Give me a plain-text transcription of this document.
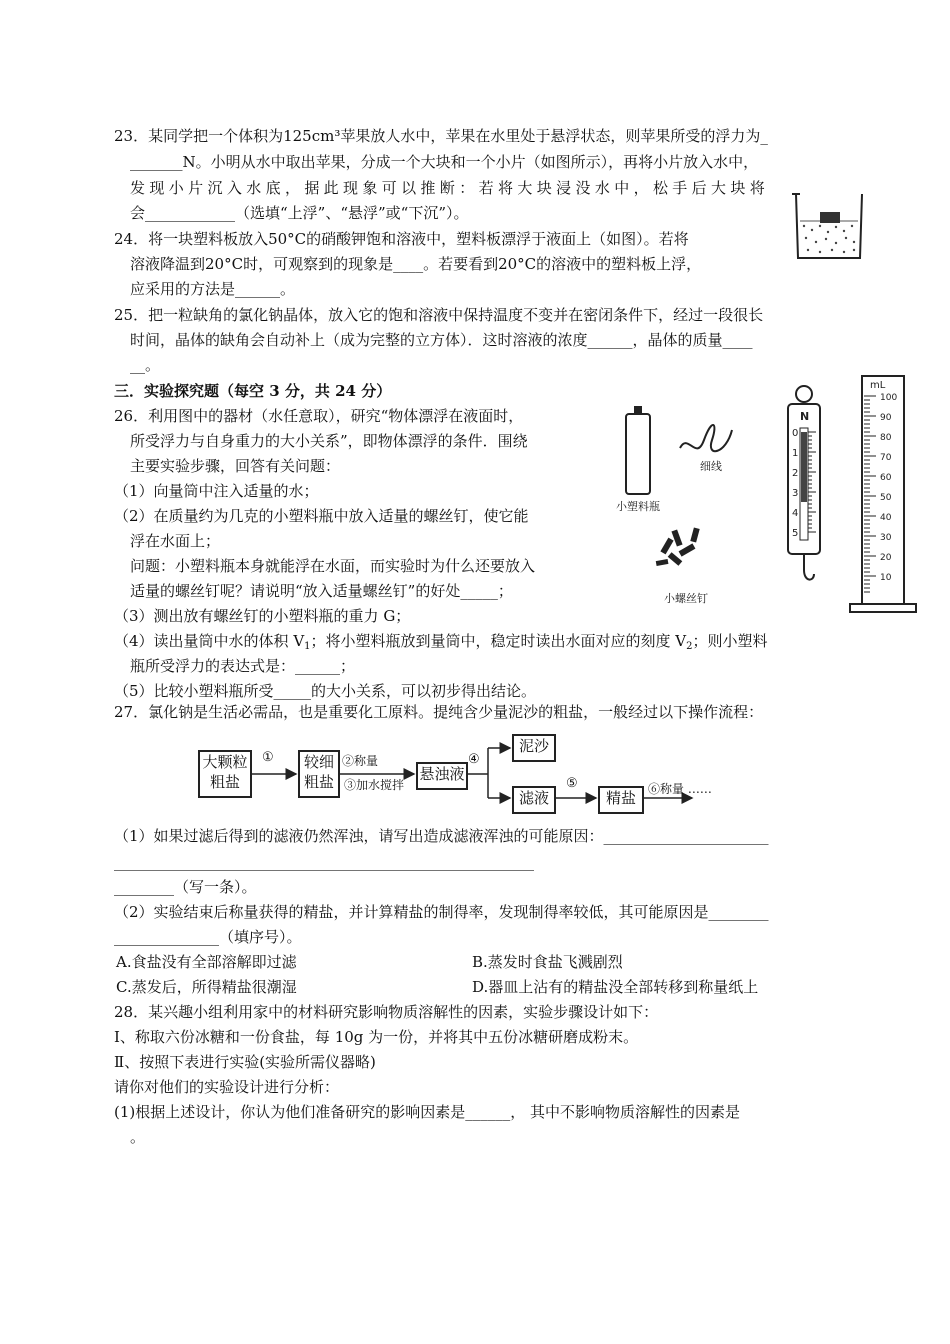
23．某同学把一个体积为125cm³苹果放人水中，苹果在水里处于悬浮状态，则苹果所受的浮力为_
_______N。小明从水中取出苹果，分成一个大块和一个小片（如图所示），再将小片放入水中，
发 现 小 片 沉 入 水 底 ， 据 此 现 象 可 以 推 断 ： 若 将 大 块 浸 没 水 中 ， 松 手 后 大 块 将
会____________（选填“上浮”、“悬浮”或“下沉”）。
24．将一块塑料板放入50°C的硝酸钾饱和溶液中，塑料板漂浮于液面上（如图）。若将
溶液降温到20°C时，可观察到的现象是____。若要看到20°C的溶液中的塑料板上浮，
应采用的方法是______。
25．把一粒缺角的氯化钠晶体，放入它的饱和溶液中保持温度不变并在密闭条件下，经过一段很长
时间，晶体的缺角会自动补上（成为完整的立方体）．这时溶液的浓度______，晶体的质量____
__。
三．实验探究题（每空 3 分，共 24 分）
26．利用图中的器材（水任意取），研究“物体漂浮在液面时，
所受浮力与自身重力的大小关系”，即物体漂浮的条件．围绕
主要实验步骤，回答有关问题：
（1）向量筒中注入适量的水；
（2）在质量约为几克的小塑料瓶中放入适量的螺丝钉，使它能
浮在水面上；
问题：小塑料瓶本身就能浮在水面，而实验时为什么还要放入
适量的螺丝钉呢？请说明“放入适量螺丝钉”的好处_____；
（3）测出放有螺丝钉的小塑料瓶的重力 G；
（4）读出量筒中水的体积 $V_1$；将小塑料瓶放到量筒中，稳定时读出水面对应的刻度 $V_2$；则小塑料
瓶所受浮力的表达式是：______；
（5）比较小塑料瓶所受_____的大小关系，可以初步得出结论。
小塑料瓶
细线
小螺丝钉
N
0
1
2
3
4
5
mL
100
90
80
70
60
50
40
30
20
10
27．氯化钠是生活必需品，也是重要化工原料。提纯含少量泥沙的粗盐，一般经过以下操作流程：
大颗粒
粗盐
① 较细
粗盐
②称量
③加水搅拌
悬浊液
④
泥沙
滤液
⑤
精盐	⑥称量 ……
（1）如果过滤后得到的滤液仍然浑浊，请写出造成滤液浑浊的可能原因：______________________
________________________________________________________
________（写一条）。
（2）实验结束后称量获得的精盐，并计算精盐的制得率，发现制得率较低，其可能原因是________
______________（填序号）。
A.食盐没有全部溶解即过滤	B.蒸发时食盐飞溅剧烈
C.蒸发后，所得精盐很潮湿	D.器皿上沾有的精盐没全部转移到称量纸上
28．某兴趣小组利用家中的材料研究影响物质溶解性的因素，实验步骤设计如下：
Ⅰ、称取六份冰糖和一份食盐，每 10g 为一份，并将其中五份冰糖研磨成粉末。
Ⅱ、按照下表进行实验(实验所需仪器略)
请你对他们的实验设计进行分析：
(1)根据上述设计，你认为他们准备研究的影响因素是______， 其中不影响物质溶解性的因素是
。
